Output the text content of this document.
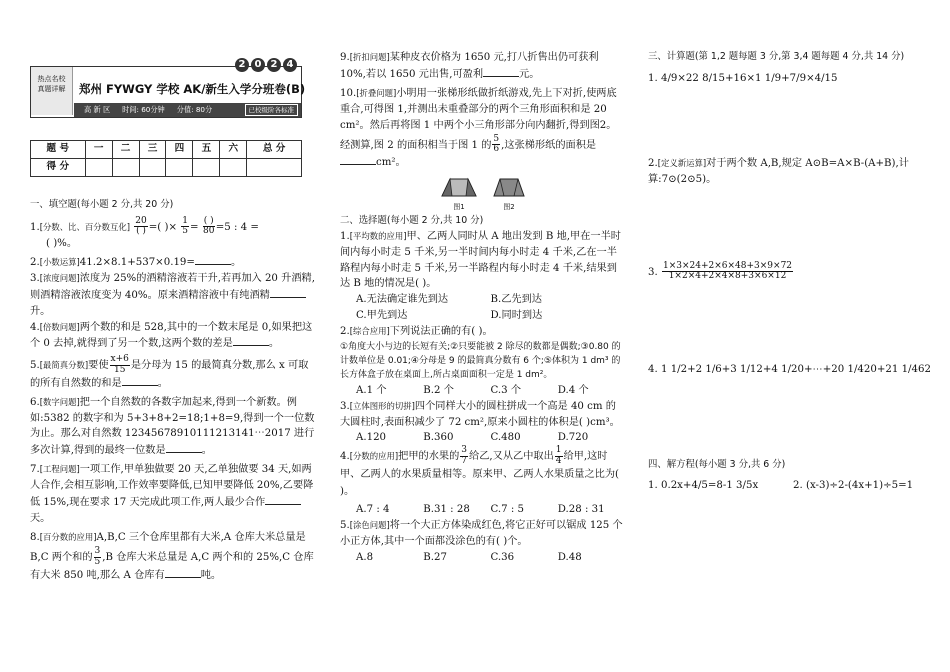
热点名校
真题详解
2 0 2 4
郑州 FYWGY 学校 AK/新生入学分班卷(B)
高 新 区 时间: 60分钟 分值: 80分	已校级阶各标准
题 号	一	二	三	四	五	六	总 分
得 分							

一、填空题(每小题 2 分,共 20 分)

1.[分数、比、百分数互化] $\frac{20}{( )}$ =( )× $\frac{1}{5} = \frac{( )}{80} =5$ : 4 =

( )%。

2.[小数运算]41.2×8.1+537×0.19=	。

3.[浓度问题]浓度为 25%的酒精溶液若干升,若再加入 20 升酒精,则酒精溶液浓度变为 40%。原来酒精溶液中有纯酒精升。

4.[倍数问题]两个数的和是 528,其中的一个数末尾是 0,如果把这个 0 去掉,就得到了另一个数,这两个数的差是	。

5.[最简真分数]要使 $\frac{x+6}{15}$ 是分母为 15 的最简真分数,那么 x 可取的所有自然数的和是	。

6.[数字问题]把一个自然数的各数字加起来,得到一个新数。例如:5382 的数字和为 5+3+8+2=18;1+8=9,得到一个一位数为止。那么对自然数 12345678910111213141⋯2017 进行多次计算,得到的最终一位数是	。

7.[工程问题]一项工作,甲单独做要 20 天,乙单独做要 34 天,如两人合作,会相互影响,工作效率要降低,已知甲要降低 20%,乙要降低 15%,现在要求 17 天完成此项工作,两人最少合作天。

8.[百分数的应用]A,B,C 三个仓库里都有大米,A 仓库大米总量是 B,C 两个和的 $\frac{3}{5} ,B$ 仓库大米总量是 A,C 两个和的 25%,C 仓库有大米 850 吨,那么 A 仓库有	吨。

9.[折扣问题]某种皮衣价格为 1650 元,打八折售出仍可获利 10%,若以 1650 元出售,可盈利	元。

10.[折叠问题]小明用一张梯形纸做折纸游戏,先上下对折,使两底重合,可得图 1,并测出未重叠部分的两个三角形面积和是 20 cm²。然后再将图 1 中两个小三角形部分向内翻折,得到图2。经测算,图 2 的面积相当于图 1 的 $\frac{5}{6}$ ,这张梯形纸的面积是cm²。

图1	图2

二、选择题(每小题 2 分,共 10 分)

1.[平均数的应用]甲、乙两人同时从 A 地出发到 B 地,甲在一半时间内每小时走 5 千米,另一半时间内每小时走 4 千米,乙在一半路程内每小时走 5 千米,另一半路程内每小时走 4 千米,结果到达 B 地的情况是( )。

A.无法确定谁先到达	B.乙先到达
C.甲先到达	D.同时到达

2.[综合应用]下列说法正确的有( )。

①角度大小与边的长短有关;②只要能被 2 除尽的数都是偶数;③0.80 的计数单位是 0.01;④分母是 9 的最简真分数有 6 个;⑤体积为 1 dm³ 的长方体盒子放在桌面上,所占桌面面积一定是 1 dm²。

A.1 个	B.2 个	C.3 个	D.4 个

3.[立体图形的切拼]四个同样大小的圆柱拼成一个高是 40 cm 的大圆柱时,表面积减少了 72 cm²,原来小圆柱的体积是( )cm³。

A.120	B.360	C.480	D.720

4.[分数的应用]把甲的水果的 $\frac{3}{7}$ 给乙,又从乙中取出 $\frac{1}{4}$ 给甲,这时甲、乙两人的水果质量相等。原来甲、乙两人水果质量之比为( )。

A.7 : 4	B.31 : 28	C.7 : 5	D.28 : 31

5.[涂色问题]将一个大正方体染成红色,将它正好可以锯成 125 个小正方体,其中一个面都没涂色的有( )个。

A.8	B.27	C.36	D.48

三、计算题(第 1,2 题每题 3 分,第 3,4 题每题 4 分,共 14 分)

1. 4/9×22 8/15+16×1 1/9+7/9×4/15

2.[定义新运算]对于两个数 A,B,规定 A⊙B=A×B-(A+B),计算:7⊙(2⊙5)。

3. $\frac{1\times 3\times 24+2\times 6\times 48+3\times 9\times 72}{1\times 2\times 4+2\times 4\times 8+3\times 6\times 12}$

4. 1 1/2+2 1/6+3 1/12+4 1/20+⋯+20 1/420+21 1/462

四、解方程(每小题 3 分,共 6 分)

1. 0.2x+4/5=8-1 3/5x	2. (x-3)÷2-(4x+1)÷5=1
